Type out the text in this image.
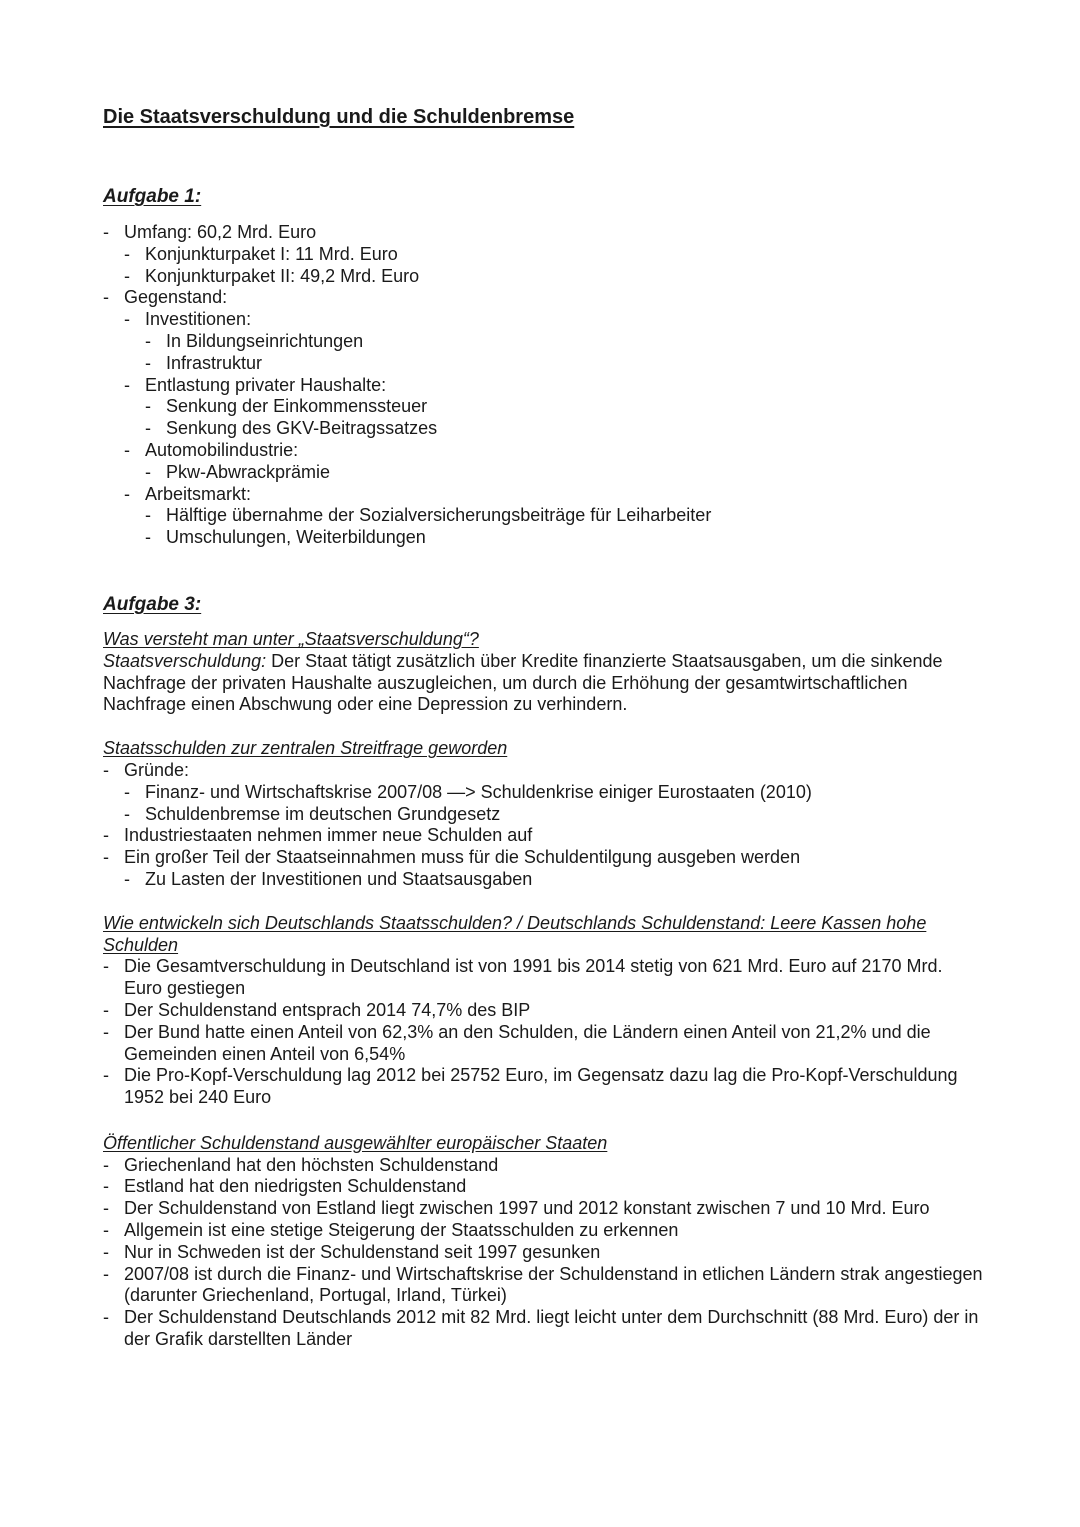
Die Staatsverschuldung und die Schuldenbremse
Aufgabe 1:
- Umfang: 60,2 Mrd. Euro
- Konjunkturpaket I: 11 Mrd. Euro
- Konjunkturpaket II: 49,2 Mrd. Euro
- Gegenstand:
- Investitionen:
- In Bildungseinrichtungen
- Infrastruktur
- Entlastung privater Haushalte:
- Senkung der Einkommenssteuer
- Senkung des GKV-Beitragssatzes
- Automobilindustrie:
- Pkw-Abwrackprämie
- Arbeitsmarkt:
- Hälftige übernahme der Sozialversicherungsbeiträge für Leiharbeiter
- Umschulungen, Weiterbildungen
Aufgabe 3:

Was versteht man unter „Staatsverschuldung“?

Staatsverschuldung: Der Staat tätigt zusätzlich über Kredite finanzierte Staatsausgaben, um die sinkende Nachfrage der privaten Haushalte auszugleichen, um durch die Erhöhung der gesamtwirtschaftlichen Nachfrage einen Abschwung oder eine Depression zu verhindern.

Staatsschulden zur zentralen Streitfrage geworden

- Gründe:
- Finanz- und Wirtschaftskrise 2007/08 —> Schuldenkrise einiger Eurostaaten (2010)
- Schuldenbremse im deutschen Grundgesetz
- Industriestaaten nehmen immer neue Schulden auf
- Ein großer Teil der Staatseinnahmen muss für die Schuldentilgung ausgeben werden
- Zu Lasten der Investitionen und Staatsausgaben

Wie entwickeln sich Deutschlands Staatsschulden? / Deutschlands Schuldenstand: Leere Kassen hohe Schulden

- Die Gesamtverschuldung in Deutschland ist von 1991 bis 2014 stetig von 621 Mrd. Euro auf 2170 Mrd. Euro gestiegen
- Der Schuldenstand entsprach 2014 74,7% des BIP
- Der Bund hatte einen Anteil von 62,3% an den Schulden, die Ländern einen Anteil von 21,2% und die Gemeinden einen Anteil von 6,54%
- Die Pro-Kopf-Verschuldung lag 2012 bei 25752 Euro, im Gegensatz dazu lag die Pro-Kopf-Verschuldung 1952 bei 240 Euro

Öffentlicher Schuldenstand ausgewählter europäischer Staaten

- Griechenland hat den höchsten Schuldenstand
- Estland hat den niedrigsten Schuldenstand
- Der Schuldenstand von Estland liegt zwischen 1997 und 2012 konstant zwischen 7 und 10 Mrd. Euro
- Allgemein ist eine stetige Steigerung der Staatsschulden zu erkennen
- Nur in Schweden ist der Schuldenstand seit 1997 gesunken
- 2007/08 ist durch die Finanz- und Wirtschaftskrise der Schuldenstand in etlichen Ländern strak angestiegen (darunter Griechenland, Portugal, Irland, Türkei)
- Der Schuldenstand Deutschlands 2012 mit 82 Mrd. liegt leicht unter dem Durchschnitt (88 Mrd. Euro) der in der Grafik darstellten Länder
